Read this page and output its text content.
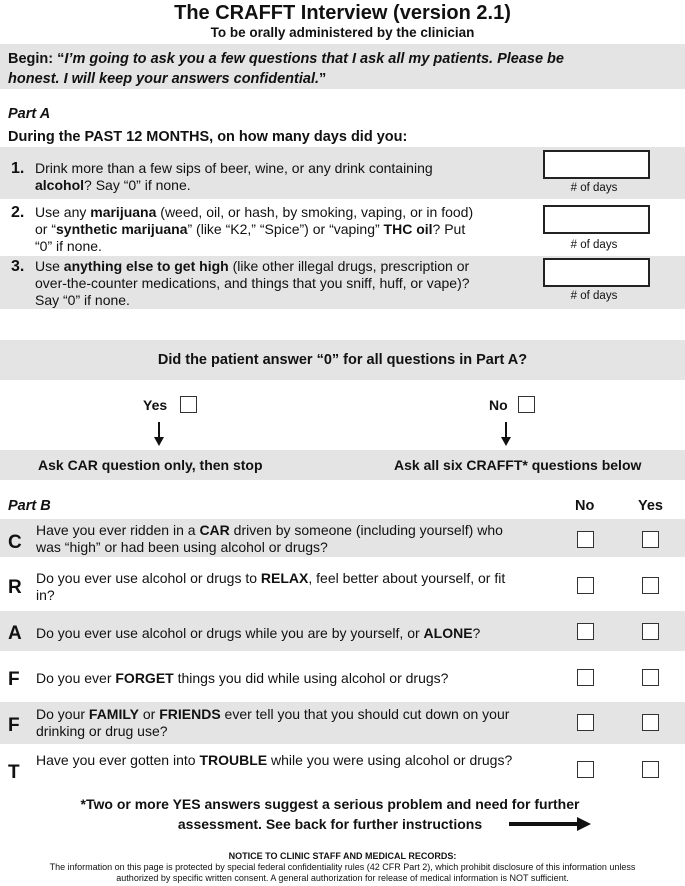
The CRAFFT Interview (version 2.1)
To be orally administered by the clinician
Begin: “I’m going to ask you a few questions that I ask all my patients. Please be honest. I will keep your answers confidential.”
Part A
During the PAST 12 MONTHS, on how many days did you:
1. Drink more than a few sips of beer, wine, or any drink containing alcohol? Say “0” if none.	# of days
2. Use any marijuana (weed, oil, or hash, by smoking, vaping, or in food) or “synthetic marijuana” (like “K2,” “Spice”) or “vaping” THC oil? Put “0” if none.	# of days
3. Use anything else to get high (like other illegal drugs, prescription or over-the-counter medications, and things that you sniff, huff, or vape)? Say “0” if none.	# of days
Did the patient answer “0” for all questions in Part A?
Yes	No
Ask CAR question only, then stop	Ask all six CRAFFT* questions below
Part B	No	Yes
C
Have you ever ridden in a CAR driven by someone (including yourself) who was “high” or had been using alcohol or drugs?
R Do you ever use alcohol or drugs to RELAX, feel better about yourself, or fit in?
A Do you ever use alcohol or drugs while you are by yourself, or ALONE?
F Do you ever FORGET things you did while using alcohol or drugs?
F
Do your FAMILY or FRIENDS ever tell you that you should cut down on your drinking or drug use?
T
Have you ever gotten into TROUBLE while you were using alcohol or drugs?
*Two or more YES answers suggest a serious problem and need for further
assessment. See back for further instructions
NOTICE TO CLINIC STAFF AND MEDICAL RECORDS:
The information on this page is protected by special federal confidentiality rules (42 CFR Part 2), which prohibit disclosure of this information unless
authorized by specific written consent. A general authorization for release of medical information is NOT sufficient.
